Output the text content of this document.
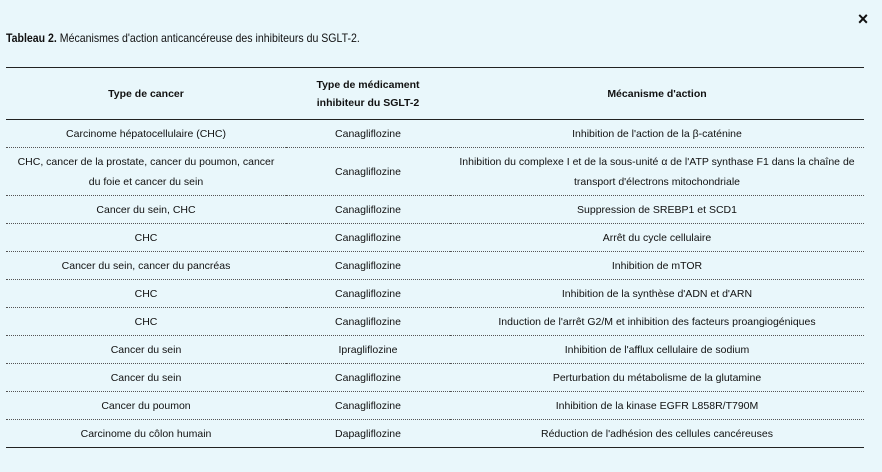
×
Tableau 2. Mécanismes d'action anticancéreuse des inhibiteurs du SGLT-2.
Type de cancer	Type de médicament inhibiteur du SGLT-2	Mécanisme d'action
Carcinome hépatocellulaire (CHC)	Canagliflozine	Inhibition de l'action de la β-caténine
CHC, cancer de la prostate, cancer du poumon, cancer du foie et cancer du sein	Canagliflozine	Inhibition du complexe I et de la sous-unité α de l'ATP synthase F1 dans la chaîne de transport d'électrons mitochondriale
Cancer du sein, CHC	Canagliflozine	Suppression de SREBP1 et SCD1
CHC	Canagliflozine	Arrêt du cycle cellulaire
Cancer du sein, cancer du pancréas	Canagliflozine	Inhibition de mTOR
CHC	Canagliflozine	Inhibition de la synthèse d'ADN et d'ARN
CHC	Canagliflozine	Induction de l'arrêt G2/M et inhibition des facteurs proangiogéniques
Cancer du sein	Ipragliflozine	Inhibition de l'afflux cellulaire de sodium
Cancer du sein	Canagliflozine	Perturbation du métabolisme de la glutamine
Cancer du poumon	Canagliflozine	Inhibition de la kinase EGFR L858R/T790M
Carcinome du côlon humain	Dapagliflozine	Réduction de l'adhésion des cellules cancéreuses
